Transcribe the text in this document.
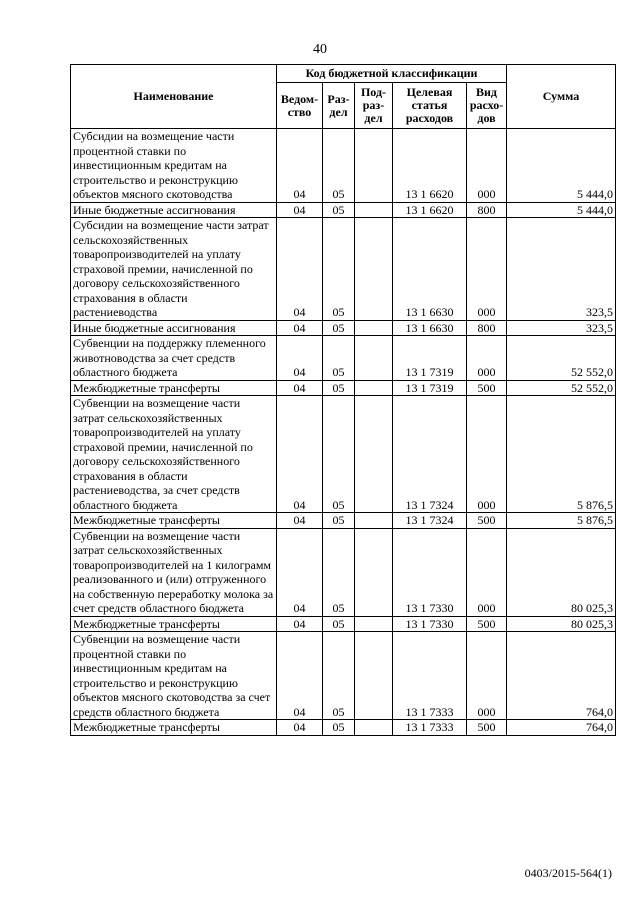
40
Наименование	Код бюджетной классификации					Сумма
	Ведом-ство	Раз-дел	Под-раз-дел	Целевая статья расходов	Вид расхо-дов	
Субсидии на возмещение части процентной ставки по инвестиционным кредитам на строительство и реконструкцию объектов мясного скотоводства	04	05		13 1 6620	000	5 444,0
Иные бюджетные ассигнования	04	05		13 1 6620	800	5 444,0
Субсидии на возмещение части затрат сельскохозяйственных товаропроизводителей на уплату страховой премии, начисленной по договору сельскохозяйственного страхования в области растениеводства	04	05		13 1 6630	000	323,5
Иные бюджетные ассигнования	04	05		13 1 6630	800	323,5
Субвенции на поддержку племенного животноводства за счет средств областного бюджета	04	05		13 1 7319	000	52 552,0
Межбюджетные трансферты	04	05		13 1 7319	500	52 552,0
Субвенции на возмещение части затрат сельскохозяйственных товаропроизводителей на уплату страховой премии, начисленной по договору сельскохозяйственного страхования в области растениеводства, за счет средств областного бюджета	04	05		13 1 7324	000	5 876,5
Межбюджетные трансферты	04	05		13 1 7324	500	5 876,5
Субвенции на возмещение части затрат сельскохозяйственных товаропроизводителей на 1 килограмм реализованного и (или) отгруженного на собственную переработку молока за счет средств областного бюджета	04	05		13 1 7330	000	80 025,3
Межбюджетные трансферты	04	05		13 1 7330	500	80 025,3
Субвенции на возмещение части процентной ставки по инвестиционным кредитам на строительство и реконструкцию объектов мясного скотоводства за счет средств областного бюджета	04	05		13 1 7333	000	764,0
Межбюджетные трансферты	04	05		13 1 7333	500	764,0
0403/2015-564(1)
